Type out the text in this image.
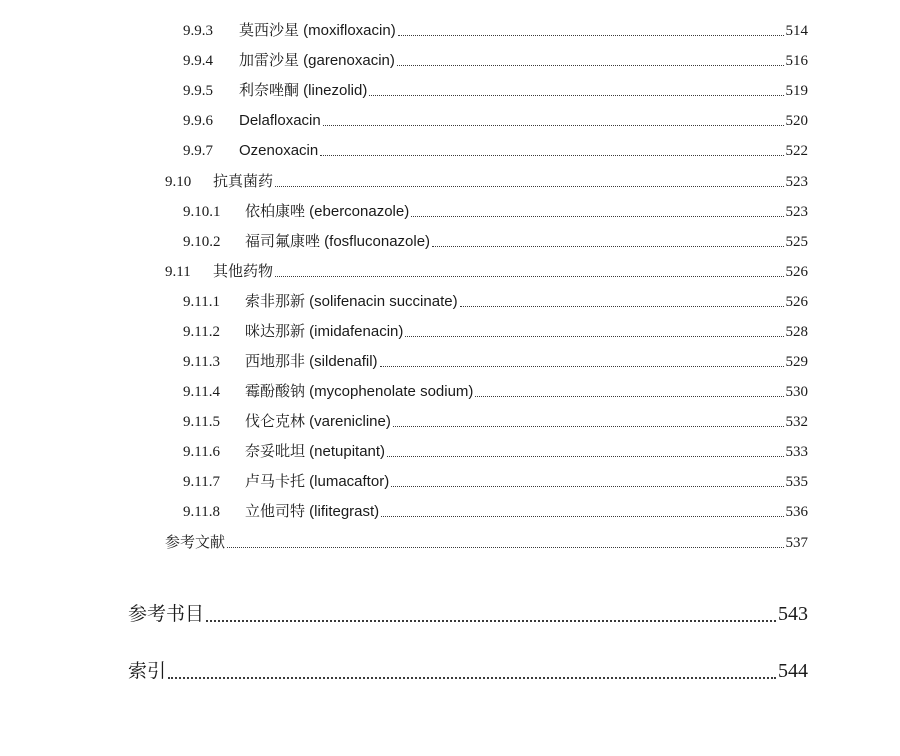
9.9.3	莫西沙星 (moxifloxacin)	514
9.9.4	加雷沙星 (garenoxacin)	516
9.9.5	利奈唑酮 (linezolid)	519
9.9.6	Delafloxacin	520
9.9.7	Ozenoxacin	522
9.10	抗真菌药	523
9.10.1	依柏康唑 (eberconazole)	523
9.10.2	福司氟康唑 (fosfluconazole)	525
9.11	其他药物	526
9.11.1	索非那新 (solifenacin succinate)	526
9.11.2	咪达那新 (imidafenacin)	528
9.11.3	西地那非 (sildenafil)	529
9.11.4	霉酚酸钠 (mycophenolate sodium)	530
9.11.5	伐仑克林 (varenicline)	532
9.11.6	奈妥吡坦 (netupitant)	533
9.11.7	卢马卡托 (lumacaftor)	535
9.11.8	立他司特 (lifitegrast)	536
参考文献	537
参考书目	543
索引	544
